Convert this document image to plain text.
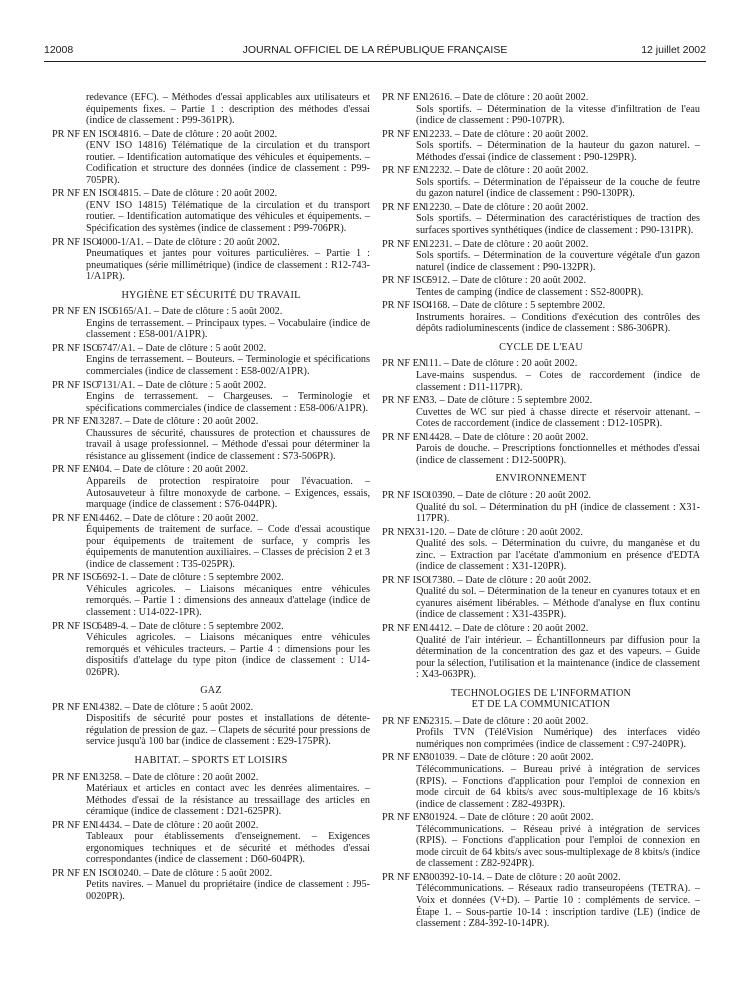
12008	JOURNAL OFFICIEL DE LA RÉPUBLIQUE FRANÇAISE	12 juillet 2002
redevance (EFC). – Méthodes d'essai applicables aux utilisateurs et équipements fixes. – Partie 1 : description des méthodes d'essai (indice de classement : P99-361PR).
PR NF EN ISO
14816. – Date de clôture : 20 août 2002.
(ENV ISO 14816) Télématique de la circulation et du transport routier. – Identification automatique des véhicules et équipements. – Codification et structure des données (indice de classement : P99-705PR).
PR NF EN ISO
14815. – Date de clôture : 20 août 2002.
(ENV ISO 14815) Télématique de la circulation et du transport routier. – Identification automatique des véhicules et équipements. – Spécification des systèmes (indice de classement : P99-706PR).
PR NF ISO
4000-1/A1. – Date de clôture : 20 août 2002.
Pneumatiques et jantes pour voitures particulières. – Partie 1 : pneumatiques (série millimétrique) (indice de classement : R12-743-1/A1PR).
HYGIÈNE ET SÉCURITÉ DU TRAVAIL
PR NF EN ISO
6165/A1. – Date de clôture : 5 août 2002.
Engins de terrassement. – Principaux types. – Vocabulaire (indice de classement : E58-001/A1PR).
PR NF ISO
6747/A1. – Date de clôture : 5 août 2002.
Engins de terrassement. – Bouteurs. – Terminologie et spécifications commerciales (indice de classement : E58-002/A1PR).
PR NF ISO
7131/A1. – Date de clôture : 5 août 2002.
Engins de terrassement. – Chargeuses. – Terminologie et spécifications commerciales (indice de classement : E58-006/A1PR).
PR NF EN
13287. – Date de clôture : 20 août 2002.
Chaussures de sécurité, chaussures de protection et chaussures de travail à usage professionnel. – Méthode d'essai pour déterminer la résistance au glissement (indice de classement : S73-506PR).
PR NF EN
404. – Date de clôture : 20 août 2002.
Appareils de protection respiratoire pour l'évacuation. – Autosauveteur à filtre monoxyde de carbone. – Exigences, essais, marquage (indice de classement : S76-044PR).
PR NF EN
14462. – Date de clôture : 20 août 2002.
Équipements de traitement de surface. – Code d'essai acoustique pour équipements de traitement de surface, y compris les équipements de manutention auxiliaires. – Classes de précision 2 et 3 (indice de classement : T35-025PR).
PR NF ISO
5692-1. – Date de clôture : 5 septembre 2002.
Véhicules agricoles. – Liaisons mécaniques entre véhicules remorqués. – Partie 1 : dimensions des anneaux d'attelage (indice de classement : U14-022-1PR).
PR NF ISO
6489-4. – Date de clôture : 5 septembre 2002.
Véhicules agricoles. – Liaisons mécaniques entre véhicules remorqués et véhicules tracteurs. – Partie 4 : dimensions pour les dispositifs d'attelage du type piton (indice de classement : U14-026PR).
GAZ
PR NF EN
14382. – Date de clôture : 5 août 2002.
Dispositifs de sécurité pour postes et installations de détente-régulation de pression de gaz. – Clapets de sécurité pour pressions de service jusqu'à 100 bar (indice de classement : E29-175PR).
HABITAT. – SPORTS ET LOISIRS
PR NF EN
13258. – Date de clôture : 20 août 2002.
Matériaux et articles en contact avec les denrées alimentaires. – Méthodes d'essai de la résistance au tressaillage des articles en céramique (indice de classement : D21-625PR).
PR NF EN
14434. – Date de clôture : 20 août 2002.
Tableaux pour établissements d'enseignement. – Exigences ergonomiques techniques et de sécurité et méthodes d'essai correspondantes (indice de classement : D60-604PR).
PR NF EN ISO
10240. – Date de clôture : 5 août 2002.
Petits navires. – Manuel du propriétaire (indice de classement : J95-0020PR).
PR NF EN
12616. – Date de clôture : 20 août 2002.
Sols sportifs. – Détermination de la vitesse d'infiltration de l'eau (indice de classement : P90-107PR).
PR NF EN
12233. – Date de clôture : 20 août 2002.
Sols sportifs. – Détermination de la hauteur du gazon naturel. – Méthodes d'essai (indice de classement : P90-129PR).
PR NF EN
12232. – Date de clôture : 20 août 2002.
Sols sportifs. – Détermination de l'épaisseur de la couche de feutre du gazon naturel (indice de classement : P90-130PR).
PR NF EN
12230. – Date de clôture : 20 août 2002.
Sols sportifs. – Détermination des caractéristiques de traction des surfaces sportives synthétiques (indice de classement : P90-131PR).
PR NF EN
12231. – Date de clôture : 20 août 2002.
Sols sportifs. – Détermination de la couverture végétale d'un gazon naturel (indice de classement : P90-132PR).
PR NF ISO
5912. – Date de clôture : 20 août 2002.
Tentes de camping (indice de classement : S52-800PR).
PR NF ISO
4168. – Date de clôture : 5 septembre 2002.
Instruments horaires. – Conditions d'exécution des contrôles des dépôts radioluminescents (indice de classement : S86-306PR).
CYCLE DE L'EAU
PR NF EN
111. – Date de clôture : 20 août 2002.
Lave-mains suspendus. – Cotes de raccordement (indice de classement : D11-117PR).
PR NF EN
33. – Date de clôture : 5 septembre 2002.
Cuvettes de WC sur pied à chasse directe et réservoir attenant. – Cotes de raccordement (indice de classement : D12-105PR).
PR NF EN
14428. – Date de clôture : 20 août 2002.
Parois de douche. – Prescriptions fonctionnelles et méthodes d'essai (indice de classement : D12-500PR).
ENVIRONNEMENT
PR NF ISO
10390. – Date de clôture : 20 août 2002.
Qualité du sol. – Détermination du pH (indice de classement : X31-117PR).
PR NF
X31-120. – Date de clôture : 20 août 2002.
Qualité des sols. – Détermination du cuivre, du manganèse et du zinc. – Extraction par l'acétate d'ammonium en présence d'EDTA (indice de classement : X31-120PR).
PR NF ISO
17380. – Date de clôture : 20 août 2002.
Qualité du sol. – Détermination de la teneur en cyanures totaux et en cyanures aisément libérables. – Méthode d'analyse en flux continu (indice de classement : X31-435PR).
PR NF EN
14412. – Date de clôture : 20 août 2002.
Qualité de l'air intérieur. – Échantillonneurs par diffusion pour la détermination de la concentration des gaz et des vapeurs. – Guide pour la sélection, l'utilisation et la maintenance (indice de classement : X43-063PR).
TECHNOLOGIES DE L'INFORMATION
ET DE LA COMMUNICATION
PR NF EN
62315. – Date de clôture : 20 août 2002.
Profils TVN (TéléVision Numérique) des interfaces vidéo numériques non comprimées (indice de classement : C97-240PR).
PR NF EN
301039. – Date de clôture : 20 août 2002.
Télécommunications. – Bureau privé à intégration de services (RPIS). – Fonctions d'application pour l'emploi de connexion en mode circuit de 64 kbits/s avec sous-multiplexage de 16 kbits/s (indice de classement : Z82-493PR).
PR NF EN
301924. – Date de clôture : 20 août 2002.
Télécommunications. – Réseau privé à intégration de services (RPIS). – Fonctions d'application pour l'emploi de connexion en mode circuit de 64 kbits/s avec sous-multiplexage de 8 kbits/s (indice de classement : Z82-924PR).
PR NF EN
300392-10-14. – Date de clôture : 20 août 2002.
Télécommunications. – Réseaux radio transeuropéens (TETRA). – Voix et données (V+D). – Partie 10 : compléments de service. – Étape 1. – Sous-partie 10-14 : inscription tardive (LE) (indice de classement : Z84-392-10-14PR).
